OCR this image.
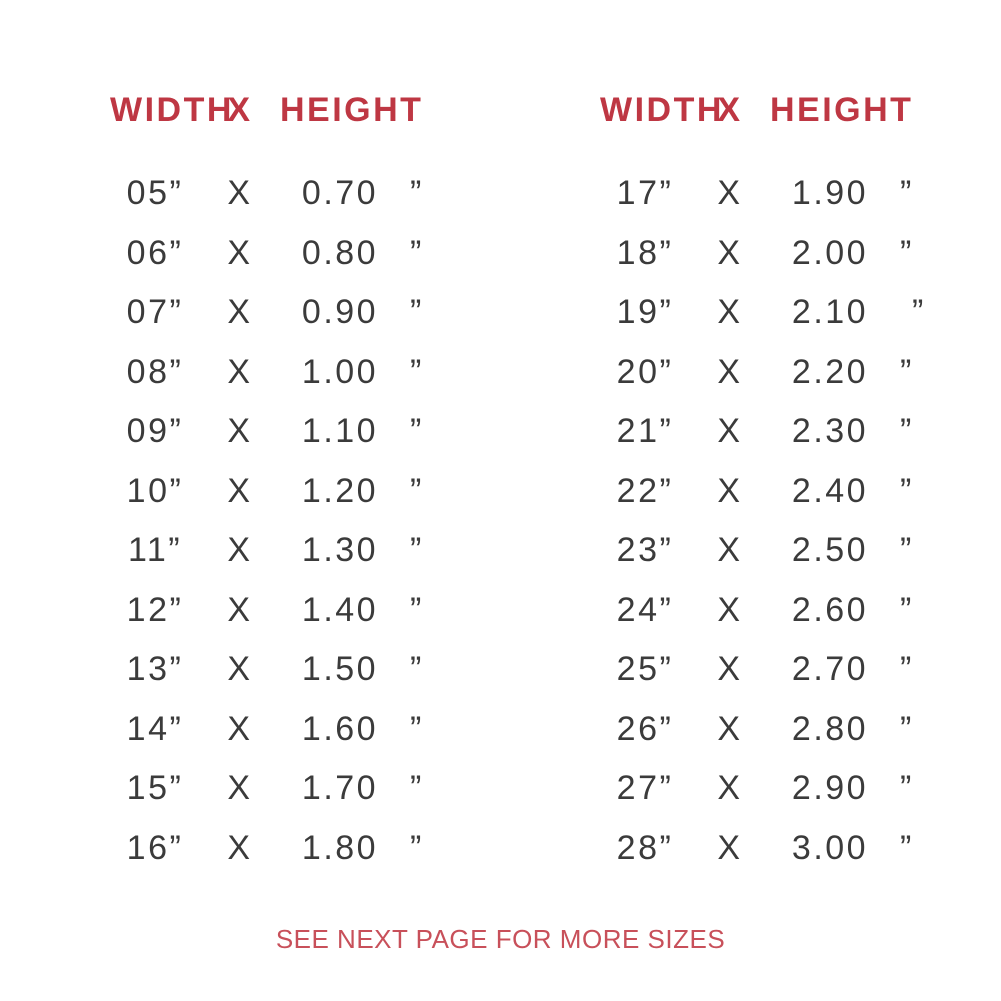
WIDTH
X HEIGHT
05”	X	0.70 ”
06”	X	0.80 ”
07”	X	0.90 ”
08”	X	1.00 ”
09”	X	1.10 ”
10”	X	1.20 ”
11”	X	1.30 ”
12”	X	1.40 ”
13”	X	1.50 ”
14”	X	1.60 ”
15”	X	1.70 ”
16”	X	1.80 ”
WIDTH
X HEIGHT
17”	X	1.90 ”
18”	X	2.00 ”
19”	X	2.10 ”
20”	X	2.20 ”
21”	X	2.30 ”
22”	X	2.40 ”
23”	X	2.50 ”
24”	X	2.60 ”
25”	X	2.70 ”
26”	X	2.80 ”
27”	X	2.90 ”
28”	X	3.00 ”
SEE NEXT PAGE FOR MORE SIZES
